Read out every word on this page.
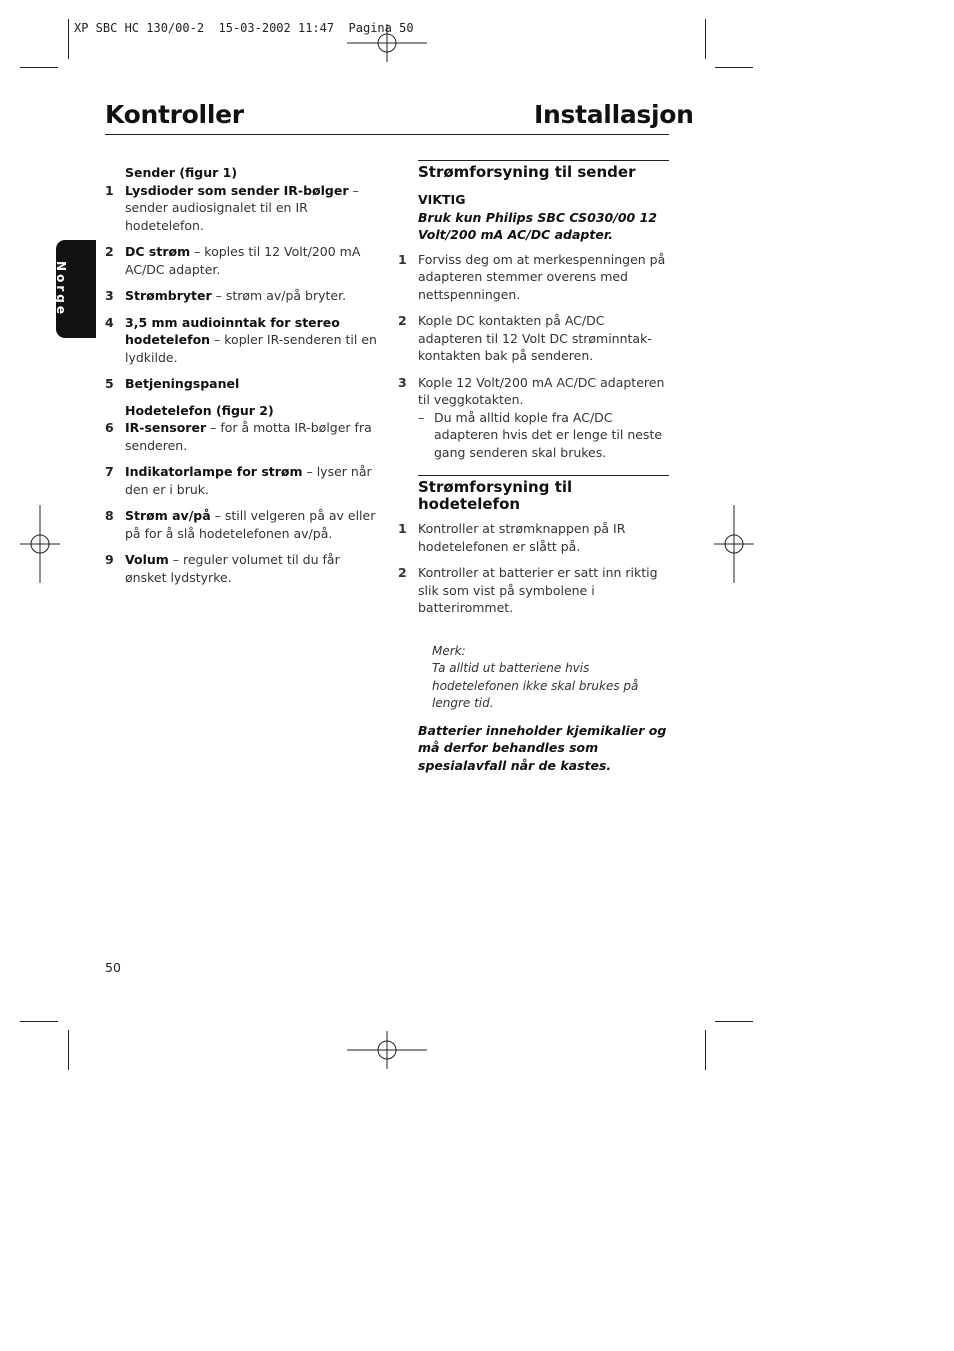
XP SBC HC 130/00-2  15-03-2002 11:47  Pagina 50
Kontroller	Installasjon
Norge
Sender (figur 1)
1 Lysdioder som sender IR-bølger – sender audiosignalet til en IR hodetelefon.
2 DC strøm – koples til 12 Volt/200 mA AC/DC adapter.
3 Strømbryter – strøm av/på bryter.
4 3,5 mm audioinntak for stereo hodetelefon – kopler IR-senderen til en lydkilde.
5 Betjeningspanel
Hodetelefon (figur 2)
6 IR-sensorer – for å motta IR-bølger fra senderen.
7 Indikatorlampe for strøm – lyser når den er i bruk.
8 Strøm av/på – still velgeren på av eller på for å slå hodetelefonen av/på.
9 Volum – reguler volumet til du får ønsket lydstyrke.
Strømforsyning til sender
VIKTIG
Bruk kun Philips SBC CS030/00 12 Volt/200 mA AC/DC adapter.
1 Forviss deg om at merkespenningen på adapteren stemmer overens med nettspenningen.
2 Kople DC kontakten på AC/DC adapteren til 12 Volt DC strøminntak-kontakten bak på senderen.
3 Kople 12 Volt/200 mA AC/DC adapteren til veggkotakten.
– Du må alltid kople fra AC/DC adapteren hvis det er lenge til neste gang senderen skal brukes.
Strømforsyning til hodetelefon
1 Kontroller at strømknappen på IR hodetelefonen er slått på.
2 Kontroller at batterier er satt inn riktig slik som vist på symbolene i batterirommet.
Merk:
Ta alltid ut batteriene hvis hodetelefonen ikke skal brukes på lengre tid.
Batterier inneholder kjemikalier og må derfor behandles som spesialavfall når de kastes.
50
